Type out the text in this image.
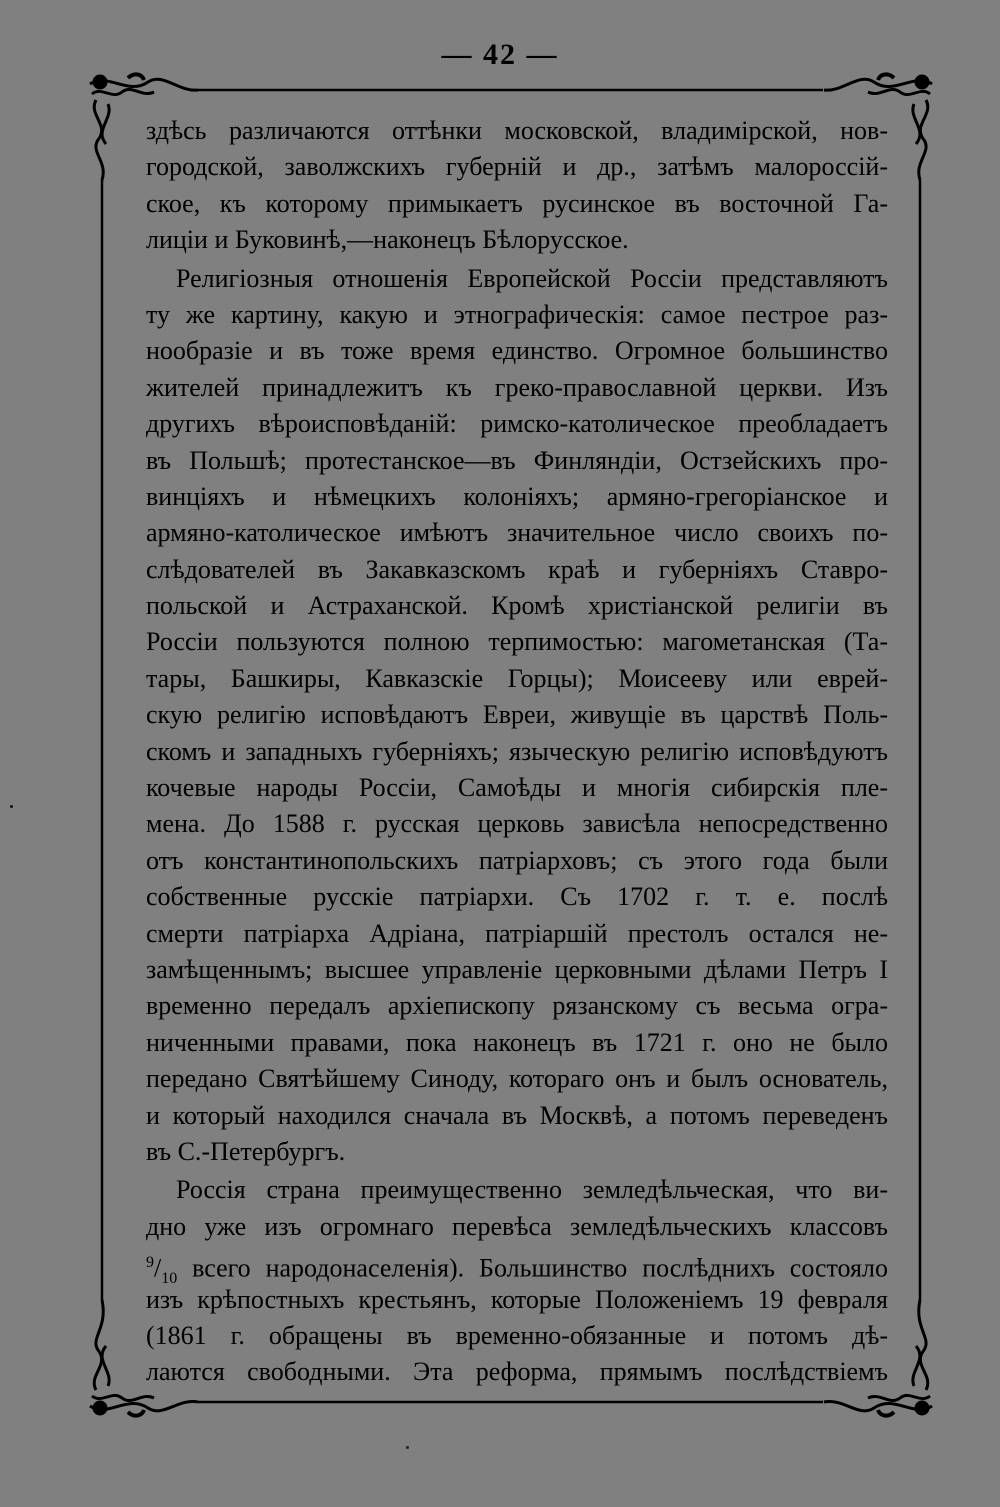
— 42 —
здѣсь различаются оттѣнки московской, владимірской, нов-
городской, заволжскихъ губерній и др., затѣмъ малороссій-
ское, къ которому примыкаетъ русинское въ восточной Га-
лиціи и Буковинѣ,—наконецъ Бѣлорусское.
Религіозныя отношенія Европейской Россіи представляютъ
ту же картину, какую и этнографическія: самое пестрое раз-
нообразіе и въ тоже время единство. Огромное большинство
жителей принадлежитъ къ греко-православной церкви. Изъ
другихъ вѣроисповѣданій: римско-католическое преобладаетъ
въ Польшѣ; протестанское—въ Финляндіи, Остзейскихъ про-
винціяхъ и нѣмецкихъ колоніяхъ; армяно-грегоріанское и
армяно-католическое имѣютъ значительное число своихъ по-
слѣдователей въ Закавказскомъ краѣ и губерніяхъ Ставро-
польской и Астраханской. Кромѣ христіанской религіи въ
Россіи пользуются полною терпимостью: магометанская (Та-
тары, Башкиры, Кавказскіе Горцы); Моисееву или еврей-
скую религію исповѣдаютъ Евреи, живущіе въ царствѣ Поль-
скомъ и западныхъ губерніяхъ; языческую религію исповѣдуютъ
кочевые народы Россіи, Самоѣды и многія сибирскія пле-
мена. До 1588 г. русская церковь зависѣла непосредственно
отъ константинопольскихъ патріарховъ; съ этого года были
собственные русскіе патріархи. Съ 1702 г. т. е. послѣ
смерти патріарха Адріана, патріаршій престолъ остался не-
замѣщеннымъ; высшее управленіе церковными дѣлами Петръ I
временно передалъ архіепископу рязанскому съ весьма огра-
ниченными правами, пока наконецъ въ 1721 г. оно не было
передано Святѣйшему Синоду, котораго онъ и былъ основатель,
и который находился сначала въ Москвѣ, а потомъ переведенъ
въ С.-Петербургъ.
Россія страна преимущественно земледѣльческая, что ви-
дно уже изъ огромнаго перевѣса земледѣльческихъ классовъ
$^9/_{10}$ всего народонаселенія). Большинство послѣднихъ состояло
изъ крѣпостныхъ крестьянъ, которые Положеніемъ 19 февраля
(1861 г. обращены въ временно-обязанные и потомъ дѣ-
лаются свободными. Эта реформа, прямымъ послѣдствіемъ
